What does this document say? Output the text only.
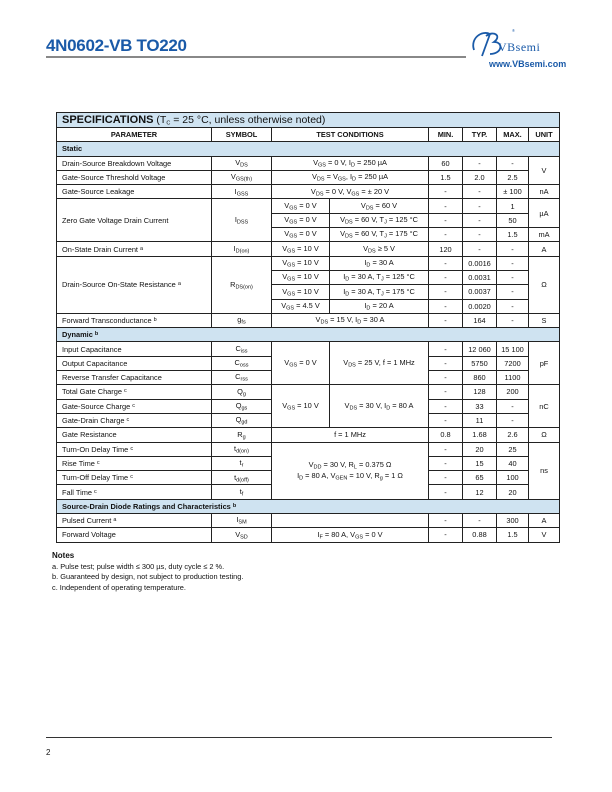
4N0602-VB TO220
®
VBsemi
www.VBsemi.com
SPECIFICATIONS ($T_C = 25$ °C, unless otherwise noted)							
PARAMETER	SYMBOL	TEST CONDITIONS		MIN.	TYP.	MAX.	UNIT
Static							
Drain-Source Breakdown Voltage	$V_{DS}$	$V_{GS} = 0$ V, $I_D = 250$ µA		60	-	-	V
Gate-Source Threshold Voltage	$V_{GS(th)}$	$V_{DS} = V_{GS}$, $I_D = 250$ µA		1.5	2.0	2.5	
Gate-Source Leakage	$I_{GSS}$	$V_{DS} = 0$ V, $V_{GS}$ = ± 20 V		-	-	± 100	nA
Zero Gate Voltage Drain Current	$I_{DSS}$	$V_{GS} = 0$ V	$V_{DS} = 60$ V	-	-	1	µA
		$V_{GS} = 0$ V	$V_{DS} = 60$ V, $T_J = 125$ °C	-	-	50	
		$V_{GS} = 0$ V	$V_{DS} = 60$ V, $T_J = 175$ °C	-	-	1.5	mA
On-State Drain Current $^a$	$I_{D(on)}$	$V_{GS} = 10$ V	$V_{DS} \ge 5$ V	120	-	-	A
Drain-Source On-State Resistance $^a$	$R_{DS(on)}$	$V_{GS} = 10$ V	$I_D = 30$ A	-	0.0016	-	Ω
		$V_{GS} = 10$ V	$I_D = 30$ A, $T_J = 125$ °C	-	0.0031	-	
		$V_{GS} = 10$ V	$I_D = 30$ A, $T_J = 175$ °C	-	0.0037	-	
		$V_{GS} = 4.5$ V	$I_D = 20$ A	-	0.0020	-	
Forward Transconductance $^b$	$g_{fs}$	$V_{DS} = 15$ V, $I_D = 30$ A		-	164	-	S
Dynamic $^b$
Input Capacitance	$C_{iss}$	$V_{GS} = 0$ V	$V_{DS} = 25$ V, f = 1 MHz	-	12 060	15 100	pF
Output Capacitance	$C_{oss}$			-	5750	7200	
Reverse Transfer Capacitance	$C_{rss}$			-	860	1100	
Total Gate Charge $^c$	$Q_g$	$V_{GS} = 10$ V	$V_{DS} = 30$ V, $I_D = 80$ A	-	128	200	nC
Gate-Source Charge $^c$	$Q_{gs}$			-	33	-	
Gate-Drain Charge $^c$	$Q_{gd}$			-	11	-	
Gate Resistance	$R_g$	f = 1 MHz		0.8	1.68	2.6	Ω
Turn-On Delay Time $^c$	$t_{d(on)}$	$V_{DD} = 30$ V, $R_L = 0.375$ Ω
$I_D = 80$ A, $V_{GEN} = 10$ V, $R_g = 1$ Ω		-	20	25	ns
Rise Time $^c$	$t_r$			-	15	40	
Turn-Off Delay Time $^c$	$t_{d(off)}$			-	65	100	
Fall Time $^c$	$t_f$			-	12	20	
Source-Drain Diode Ratings and Characteristics $^b$
Pulsed Current $^a$	$I_{SM}$			-	-	300	A
Forward Voltage	$V_{SD}$	$I_F = 80$ A, $V_{GS} = 0$ V		-	0.88	1.5	V
Notes
a. Pulse test; pulse width ≤ 300 µs, duty cycle ≤ 2 %.
b. Guaranteed by design, not subject to production testing.
c. Independent of operating temperature.
2
